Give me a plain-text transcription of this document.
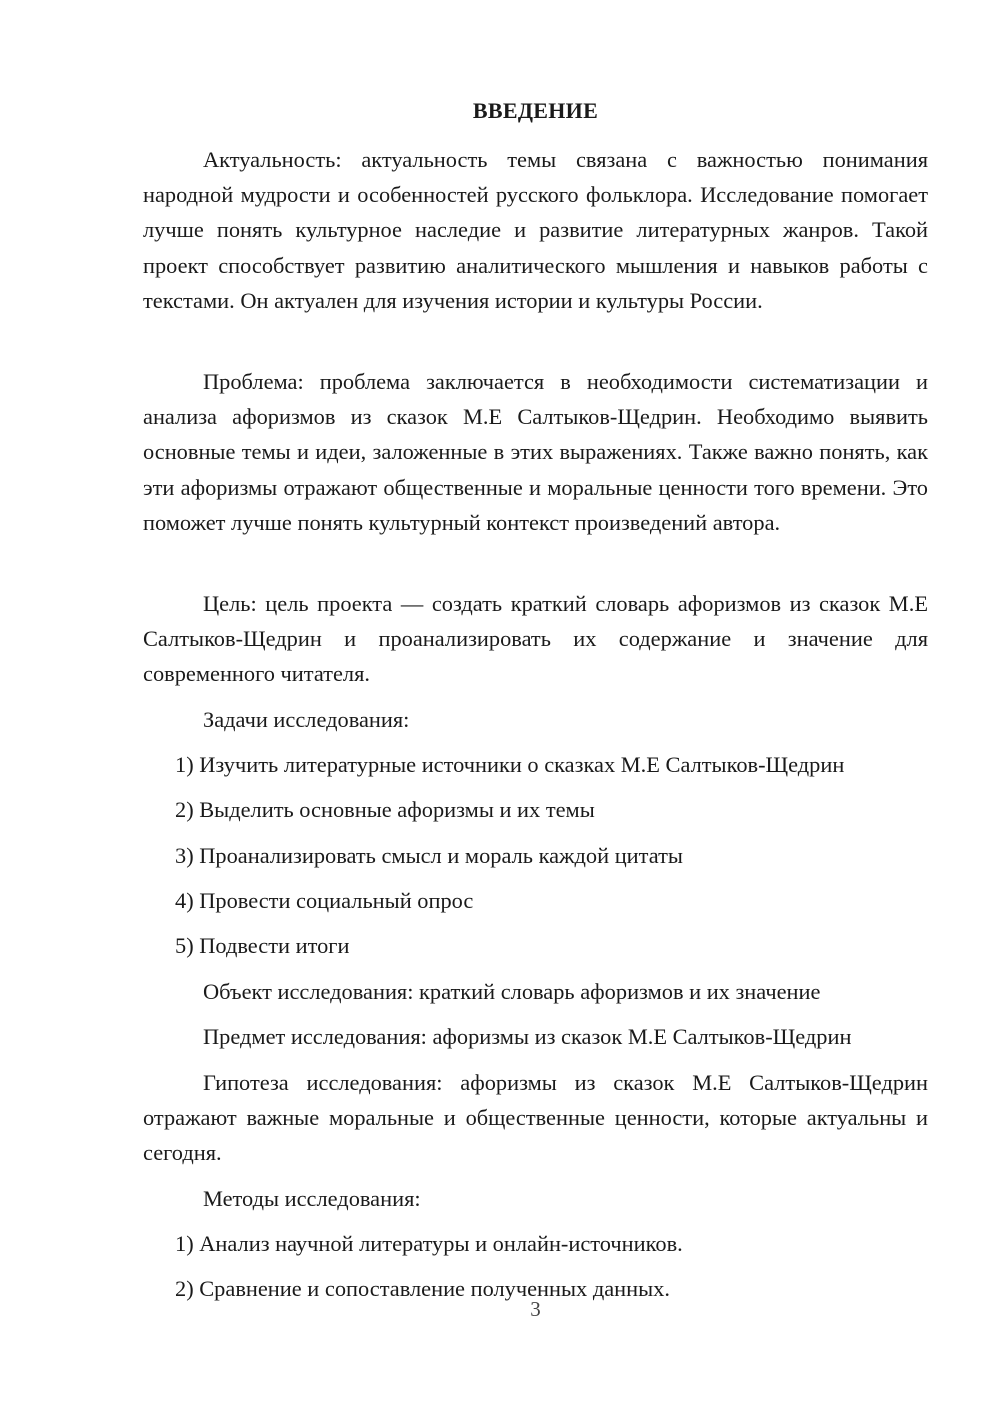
ВВЕДЕНИЕ

Актуальность: актуальность темы связана с важностью понимания народной мудрости и особенностей русского фольклора. Исследование помогает лучше понять культурное наследие и развитие литературных жанров. Такой проект способствует развитию аналитического мышления и навыков работы с текстами. Он актуален для изучения истории и культуры России.

Проблема: проблема заключается в необходимости систематизации и анализа афоризмов из сказок М.Е Салтыков-Щедрин. Необходимо выявить основные темы и идеи, заложенные в этих выражениях. Также важно понять, как эти афоризмы отражают общественные и моральные ценности того времени. Это поможет лучше понять культурный контекст произведений автора.

Цель: цель проекта — создать краткий словарь афоризмов из сказок М.Е Салтыков-Щедрин и проанализировать их содержание и значение для современного читателя.

Задачи исследования:
1) Изучить литературные источники о сказках М.Е Салтыков-Щедрин
2) Выделить основные афоризмы и их темы
3) Проанализировать смысл и мораль каждой цитаты
4) Провести социальный опрос
5) Подвести итоги
Объект исследования: краткий словарь афоризмов и их значение
Предмет исследования: афоризмы из сказок М.Е Салтыков-Щедрин

Гипотеза исследования: афоризмы из сказок М.Е Салтыков-Щедрин отражают важные моральные и общественные ценности, которые актуальны и сегодня.

Методы исследования:
1) Анализ научной литературы и онлайн-источников.
2) Сравнение и сопоставление полученных данных.
3
